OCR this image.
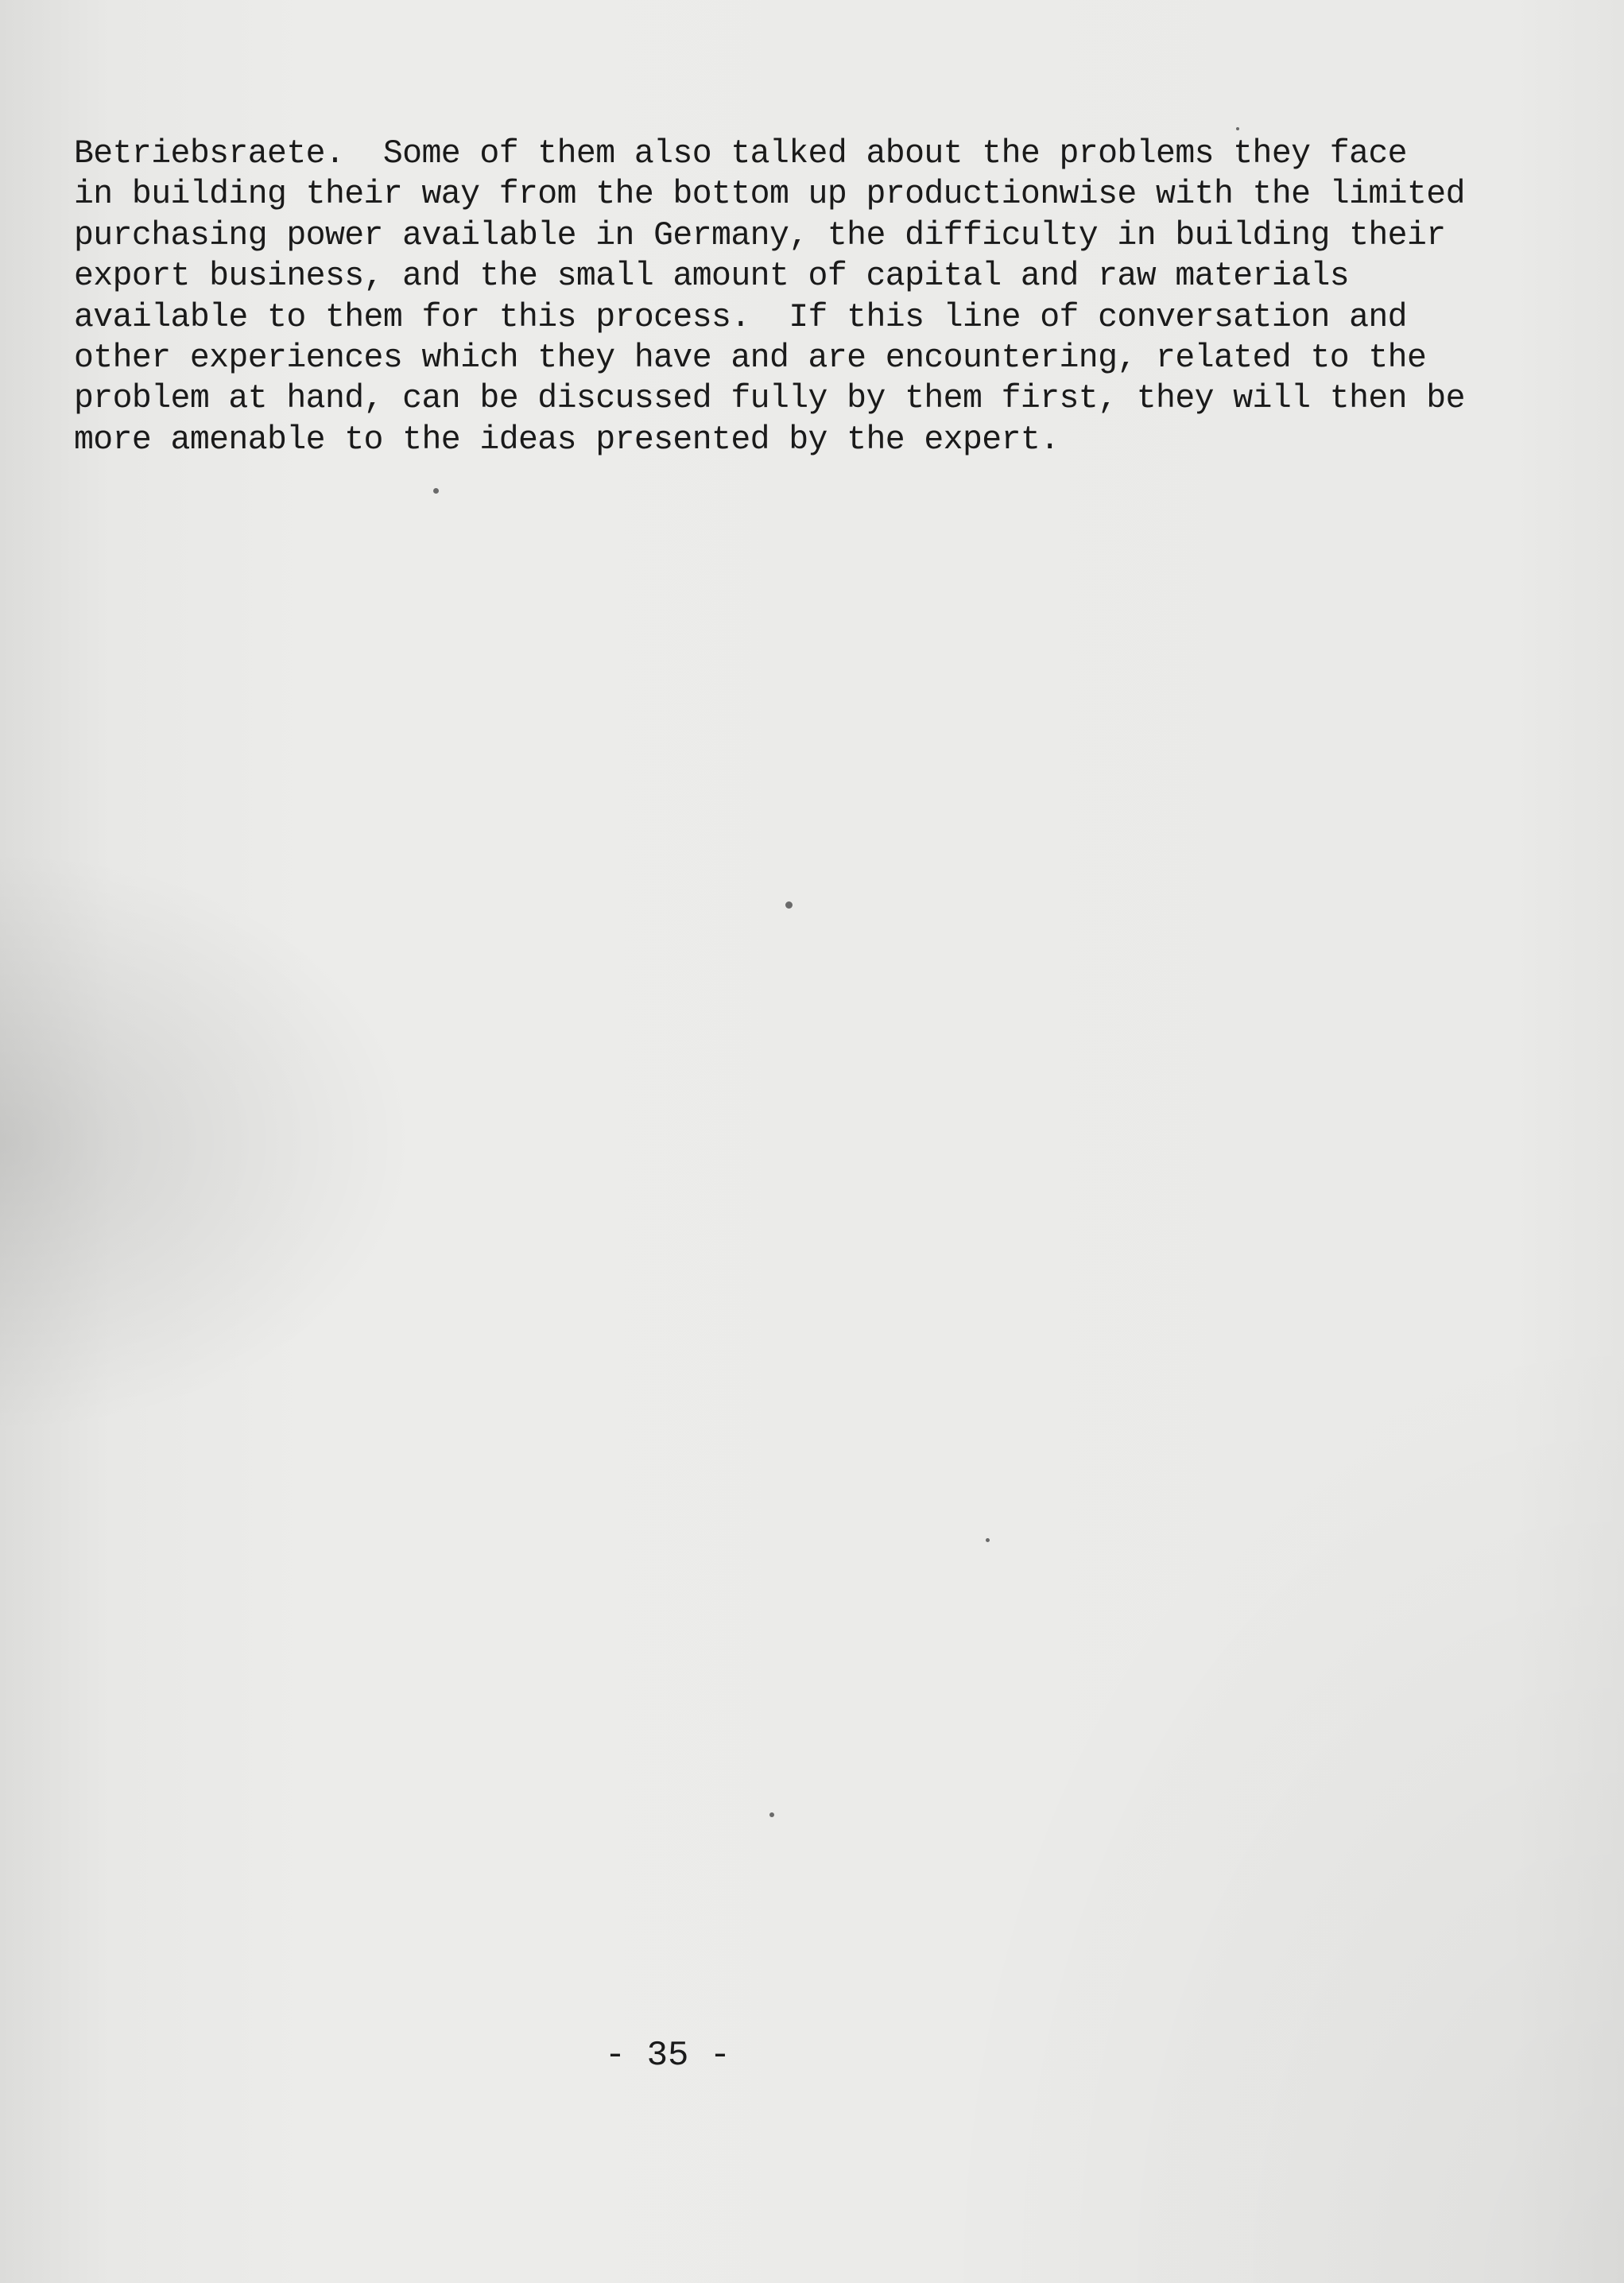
Betriebsraete.  Some of them also talked about the problems they face
in building their way from the bottom up productionwise with the limited
purchasing power available in Germany, the difficulty in building their
export business, and the small amount of capital and raw materials
available to them for this process.  If this line of conversation and
other experiences which they have and are encountering, related to the
problem at hand, can be discussed fully by them first, they will then be
more amenable to the ideas presented by the expert.
- 35 -
